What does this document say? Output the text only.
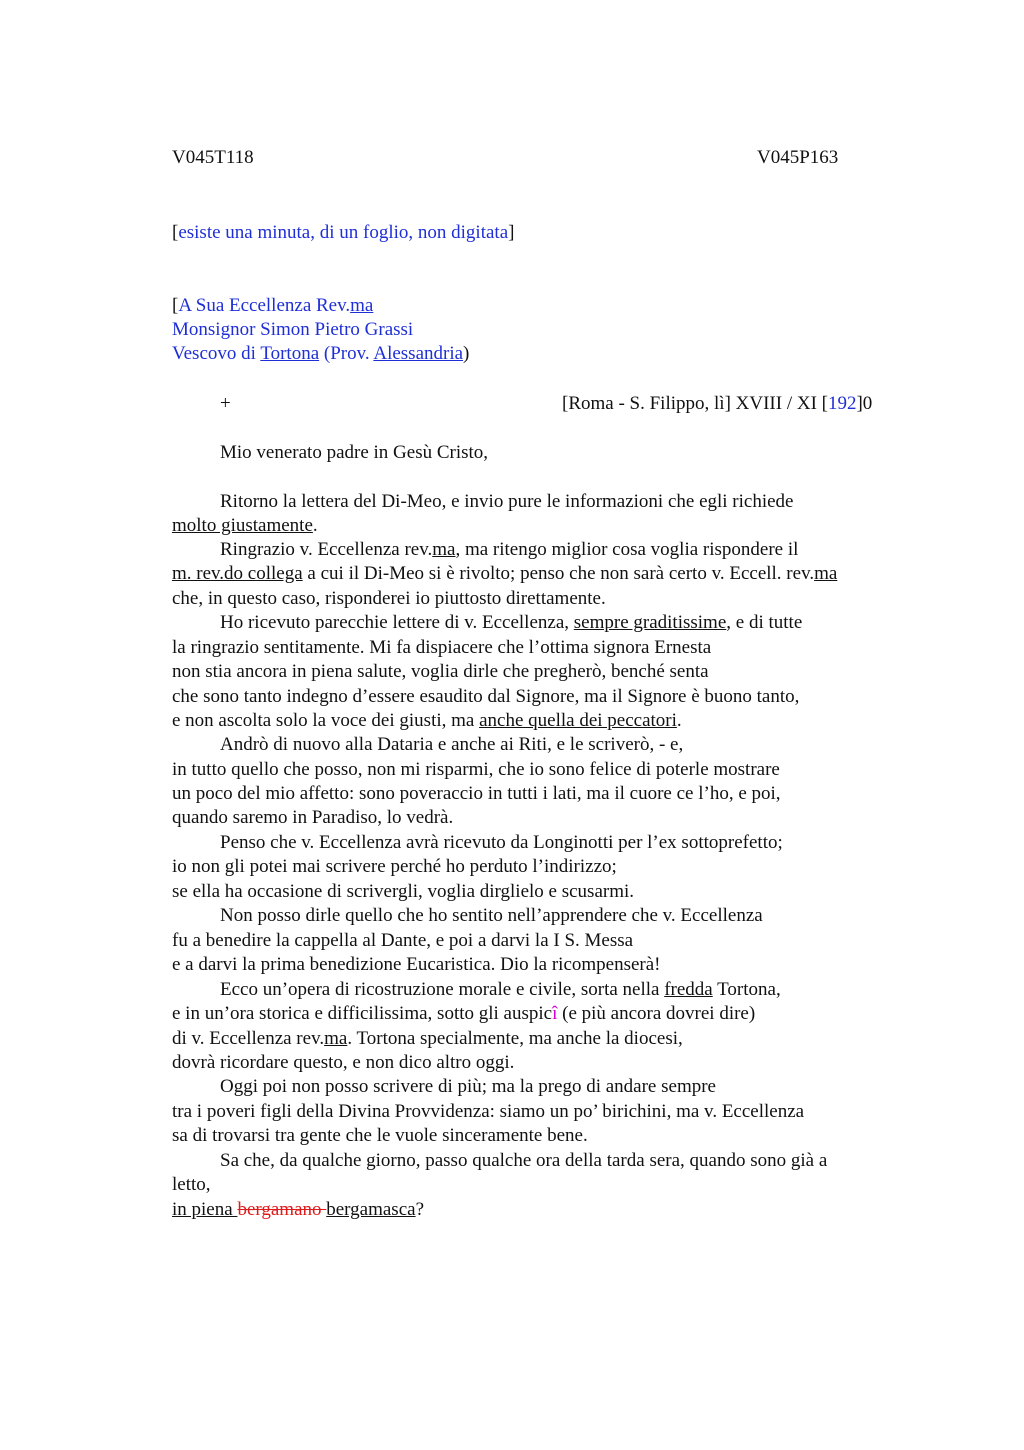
V045T118	V045P163
[esiste una minuta, di un foglio, non digitata]
[A Sua Eccellenza Rev.ma
Monsignor Simon Pietro Grassi
Vescovo di Tortona (Prov. Alessandria)
+	[Roma - S. Filippo, lì] XVIII / XI [192]0
Mio venerato padre in Gesù Cristo,
Ritorno la lettera del Di-Meo, e invio pure le informazioni che egli richiede
molto giustamente.
Ringrazio v. Eccellenza rev.ma, ma ritengo miglior cosa voglia rispondere il
m. rev.do collega a cui il Di-Meo si è rivolto; penso che non sarà certo v. Eccell. rev.ma
che, in questo caso, risponderei io piuttosto direttamente.
Ho ricevuto parecchie lettere di v. Eccellenza, sempre graditissime, e di tutte
la ringrazio sentitamente. Mi fa dispiacere che l’ottima signora Ernesta
non stia ancora in piena salute, voglia dirle che pregherò, benché senta
che sono tanto indegno d’essere esaudito dal Signore, ma il Signore è buono tanto,
e non ascolta solo la voce dei giusti, ma anche quella dei peccatori.
Andrò di nuovo alla Dataria e anche ai Riti, e le scriverò, - e,
in tutto quello che posso, non mi risparmi, che io sono felice di poterle mostrare
un poco del mio affetto: sono poveraccio in tutti i lati, ma il cuore ce l’ho, e poi,
quando saremo in Paradiso, lo vedrà.
Penso che v. Eccellenza avrà ricevuto da Longinotti per l’ex sottoprefetto;
io non gli potei mai scrivere perché ho perduto l’indirizzo;
se ella ha occasione di scrivergli, voglia dirglielo e scusarmi.
Non posso dirle quello che ho sentito nell’apprendere che v. Eccellenza
fu a benedire la cappella al Dante, e poi a darvi la I S. Messa
e a darvi la prima benedizione Eucaristica. Dio la ricompenserà!
Ecco un’opera di ricostruzione morale e civile, sorta nella fredda Tortona,
e in un’ora storica e difficilissima, sotto gli auspicî (e più ancora dovrei dire)
di v. Eccellenza rev.ma. Tortona specialmente, ma anche la diocesi,
dovrà ricordare questo, e non dico altro oggi.
Oggi poi non posso scrivere di più; ma la prego di andare sempre
tra i poveri figli della Divina Provvidenza: siamo un po’ birichini, ma v. Eccellenza
sa di trovarsi tra gente che le vuole sinceramente bene.
Sa che, da qualche giorno, passo qualche ora della tarda sera, quando sono già a
letto,
in piena bergamano bergamasca?
